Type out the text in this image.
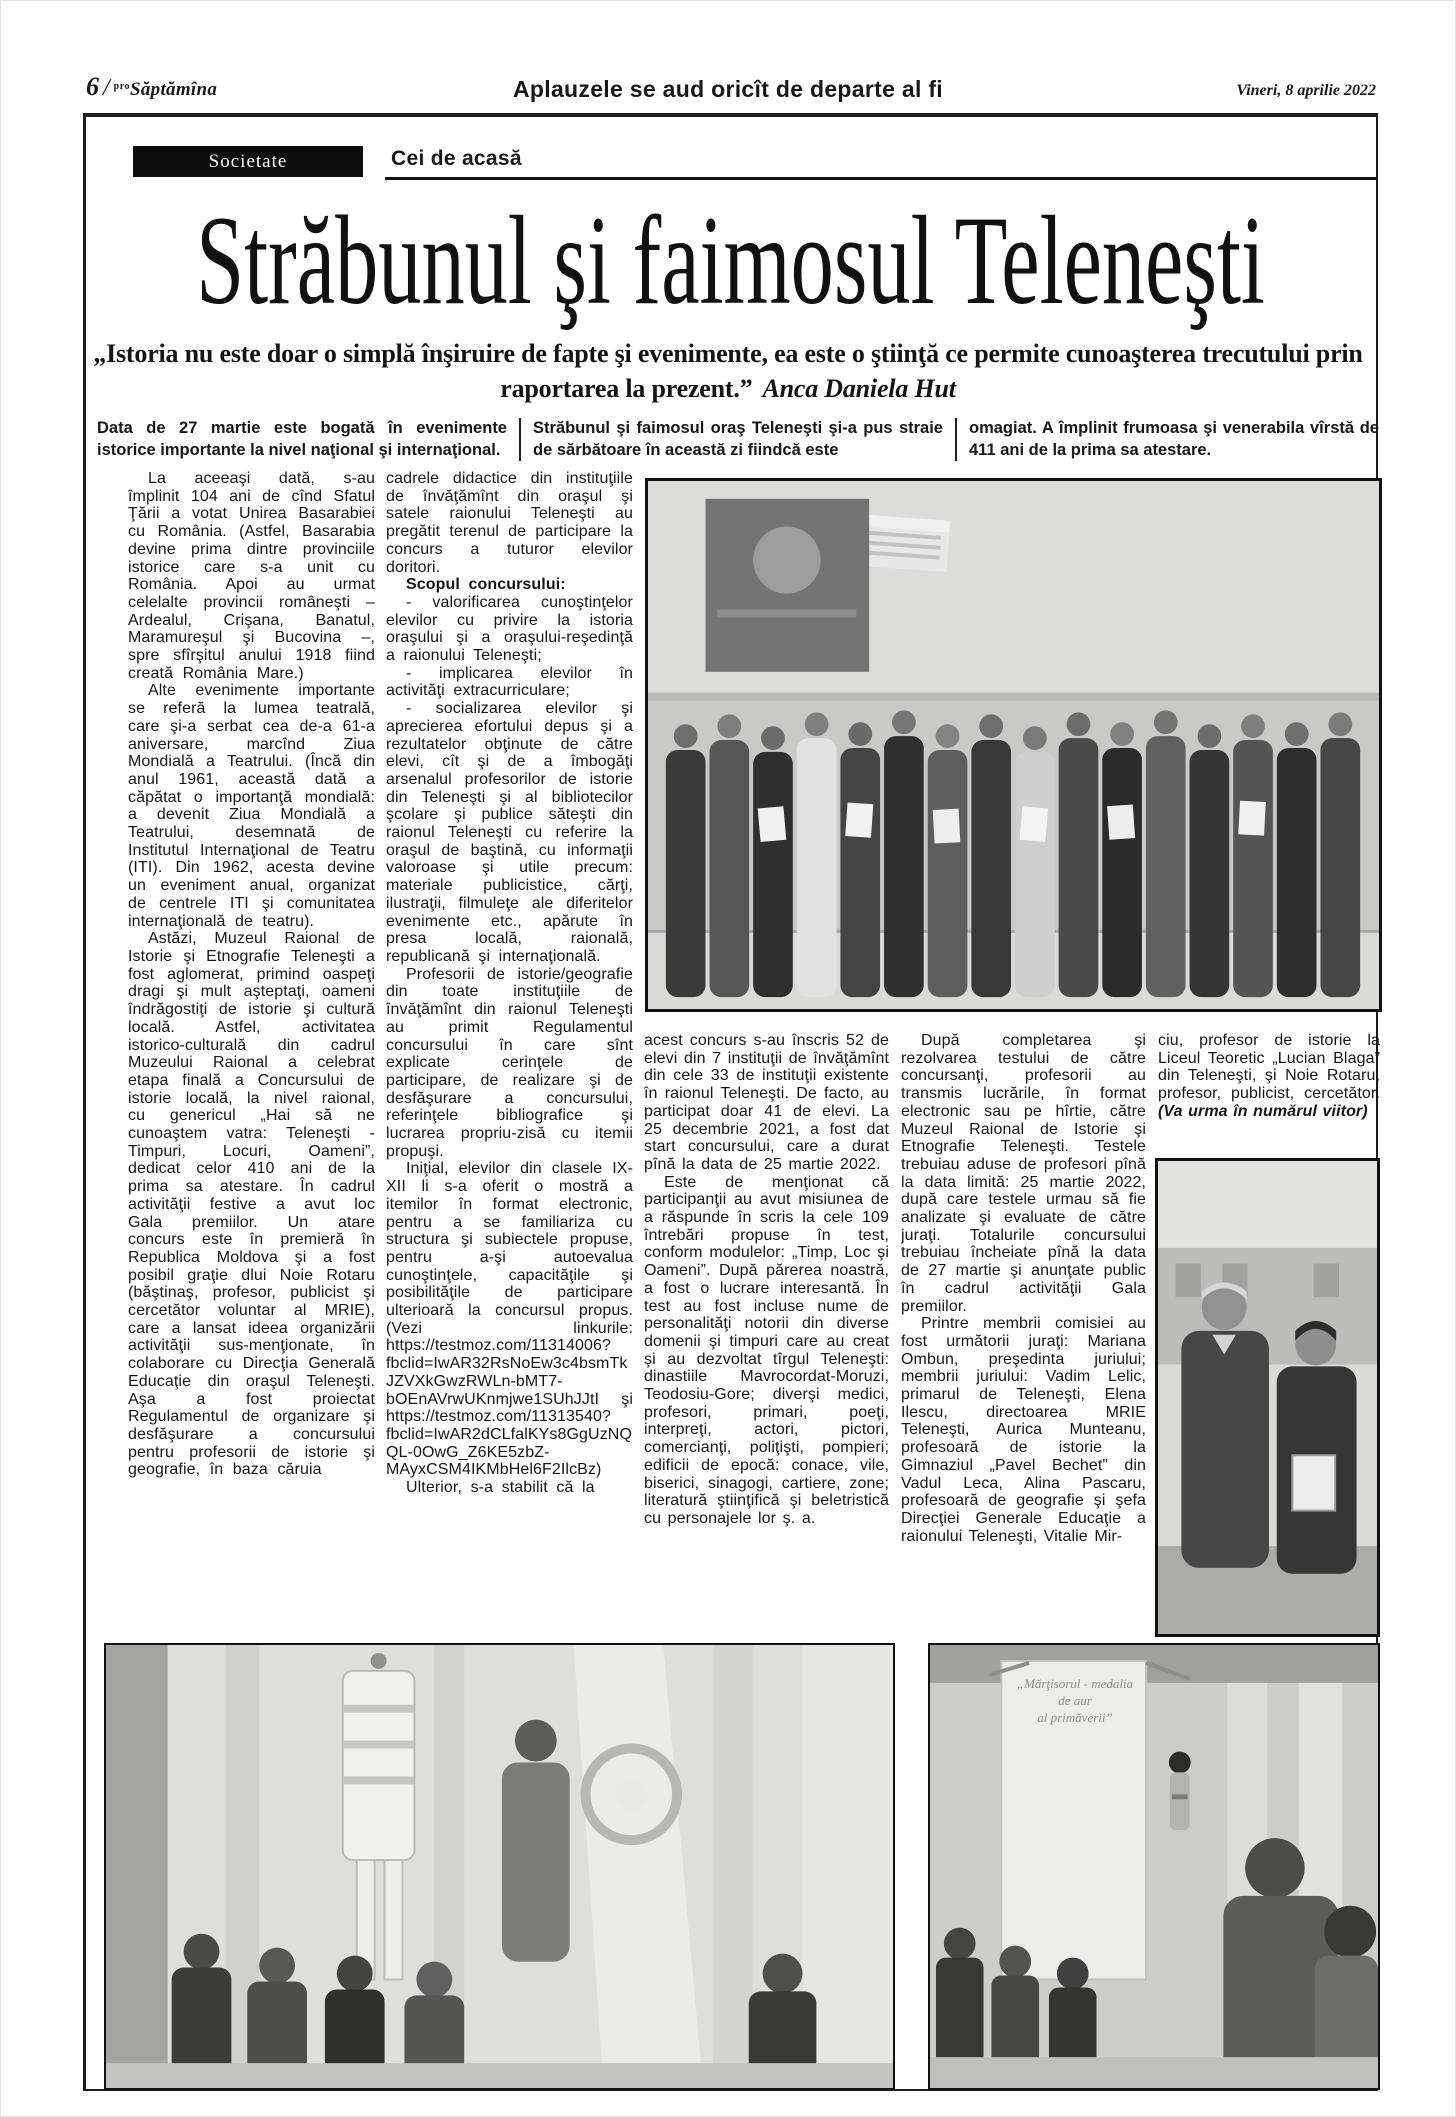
6 / $^{pro}$Săptămîna	Aplauzele se aud oricît de departe al fi	Vineri, 8 aprilie 2022
Societate	Cei de acasă
Străbunul şi faimosul Teleneşti
„Istoria nu este doar o simplă înşiruire de fapte şi evenimente, ea este o ştiinţă ce permite cunoaşterea trecutului prin raportarea la prezent.” Anca Daniela Hut
Data de 27 martie este bogată în evenimente istorice importante la nivel naţional şi internaţional.
Străbunul şi faimosul oraş Teleneşti şi-a pus straie de sărbătoare în această zi fiindcă este
omagiat. A împlinit frumoasa şi venerabila vîrstă de 411 ani de la prima sa atestare.

La aceeaşi dată, s-au împlinit 104 ani de cînd Sfatul Ţării a votat Unirea Basarabiei cu România. (Astfel, Basarabia devine prima dintre provinciile istorice care s-a unit cu România. Apoi au urmat celelalte provincii româneşti – Ardealul, Crişana, Banatul, Maramureşul şi Bucovina –, spre sfîrşitul anului 1918 fiind creată România Mare.)

Alte evenimente importante se referă la lumea teatrală, care şi-a serbat cea de-a 61-a aniversare, marcînd Ziua Mondială a Teatrului. (Încă din anul 1961, această dată a căpătat o importanţă mondială: a devenit Ziua Mondială a Teatrului, desemnată de Institutul Internaţional de Teatru (ITI). Din 1962, acesta devine un eveniment anual, organizat de centrele ITI şi comunitatea internaţională de teatru).

Astăzi, Muzeul Raional de Istorie şi Etnografie Teleneşti a fost aglomerat, primind oaspeţi dragi şi mult aşteptaţi, oameni îndrăgostiţi de istorie şi cultură locală. Astfel, activitatea istorico-culturală din cadrul Muzeului Raional a celebrat etapa finală a Concursului de istorie locală, la nivel raional, cu genericul „Hai să ne cunoaştem vatra: Teleneşti - Timpuri, Locuri, Oameni”, dedicat celor 410 ani de la prima sa atestare. În cadrul activităţii festive a avut loc Gala premiilor. Un atare concurs este în premieră în Republica Moldova şi a fost posibil graţie dlui Noie Rotaru (băştinaş, profesor, publicist şi cercetător voluntar al MRIE), care a lansat ideea organizării activităţii sus-menţionate, în colaborare cu Direcţia Generală Educaţie din oraşul Teleneşti. Aşa a fost proiectat Regulamentul de organizare şi desfăşurare a concursului pentru profesorii de istorie şi geografie, în baza căruia

cadrele didactice din instituţiile de învăţămînt din oraşul şi satele raionului Teleneşti au pregătit terenul de participare la concurs a tuturor elevilor doritori.

Scopul concursului:

- valorificarea cunoştinţelor elevilor cu privire la istoria oraşului şi a oraşului-reşedinţă a raionului Teleneşti;

- implicarea elevilor în activităţi extracurriculare;

- socializarea elevilor şi aprecierea efortului depus şi a rezultatelor obţinute de către elevi, cît şi de a îmbogăţi arsenalul profesorilor de istorie din Teleneşti şi al bibliotecilor şcolare şi publice săteşti din raionul Teleneşti cu referire la oraşul de baştină, cu informaţii valoroase şi utile precum: materiale publicistice, cărţi, ilustraţii, filmuleţe ale diferitelor evenimente etc., apărute în presa locală, raională, republicană şi internaţională.

Profesorii de istorie/geografie din toate instituţiile de învăţămînt din raionul Teleneşti au primit Regulamentul concursului în care sînt explicate cerinţele de participare, de realizare şi de desfăşurare a concursului, referinţele bibliografice şi lucrarea propriu-zisă cu itemii propuşi.

Iniţial, elevilor din clasele IX-XII li s-a oferit o mostră a itemilor în format electronic, pentru a se familiariza cu structura şi subiectele propuse, pentru a-şi autoevalua cunoştinţele, capacităţile şi posibilităţile de participare ulterioară la concursul propus. (Vezi linkurile: https://testmoz.com/11314006?fbclid=IwAR32RsNoEw3c4bsmTkJZVXkGwzRWLn-bMT7-bOEnAVrwUKnmjwe1SUhJJtI şi https://testmoz.com/11313540?fbclid=IwAR2dCLfalKYs8GgUzNQQL-0OwG_Z6KE5zbZ-MAyxCSM4IKMbHel6F2IlcBz)

Ulterior, s-a stabilit că la

acest concurs s-au înscris 52 de elevi din 7 instituţii de învăţămînt din cele 33 de instituţii existente în raionul Teleneşti. De facto, au participat doar 41 de elevi. La 25 decembrie 2021, a fost dat start concursului, care a durat pînă la data de 25 martie 2022.

Este de menţionat că participanţii au avut misiunea de a răspunde în scris la cele 109 întrebări propuse în test, conform modulelor: „Timp, Loc şi Oameni”. După părerea noastră, a fost o lucrare interesantă. În test au fost incluse nume de personalităţi notorii din diverse domenii şi timpuri care au creat şi au dezvoltat tîrgul Teleneşti: dinastiile Mavrocordat-Moruzi, Teodosiu-Gore; diverşi medici, profesori, primari, poeţi, interpreţi, actori, pictori, comercianţi, poliţişti, pompieri; edificii de epocă: conace, vile, biserici, sinagogi, cartiere, zone; literatură ştiinţifică şi beletristică cu personajele lor ş. a.

După completarea şi rezolvarea testului de către concursanţi, profesorii au transmis lucrările, în format electronic sau pe hîrtie, către Muzeul Raional de Istorie şi Etnografie Teleneşti. Testele trebuiau aduse de profesori pînă la data limită: 25 martie 2022, după care testele urmau să fie analizate şi evaluate de către juraţi. Totalurile concursului trebuiau încheiate pînă la data de 27 martie şi anunţate public în cadrul activităţii Gala premiilor.

Printre membrii comisiei au fost următorii juraţi: Mariana Ombun, preşedinta juriului; membrii juriului: Vadim Lelic, primarul de Teleneşti, Elena Ilescu, directoarea MRIE Teleneşti, Aurica Munteanu, profesoară de istorie la Gimnaziul „Pavel Bechet” din Vadul Leca, Alina Pascaru, profesoară de geografie şi şefa Direcţiei Generale Educaţie a raionului Teleneşti, Vitalie Mir-

ciu, profesor de istorie la Liceul Teoretic „Lucian Blaga” din Teleneşti, şi Noie Rotaru, profesor, publicist, cercetător. (Va urma în numărul viitor)

„Mărţisorul - medalia
de aur
al primăverii”
